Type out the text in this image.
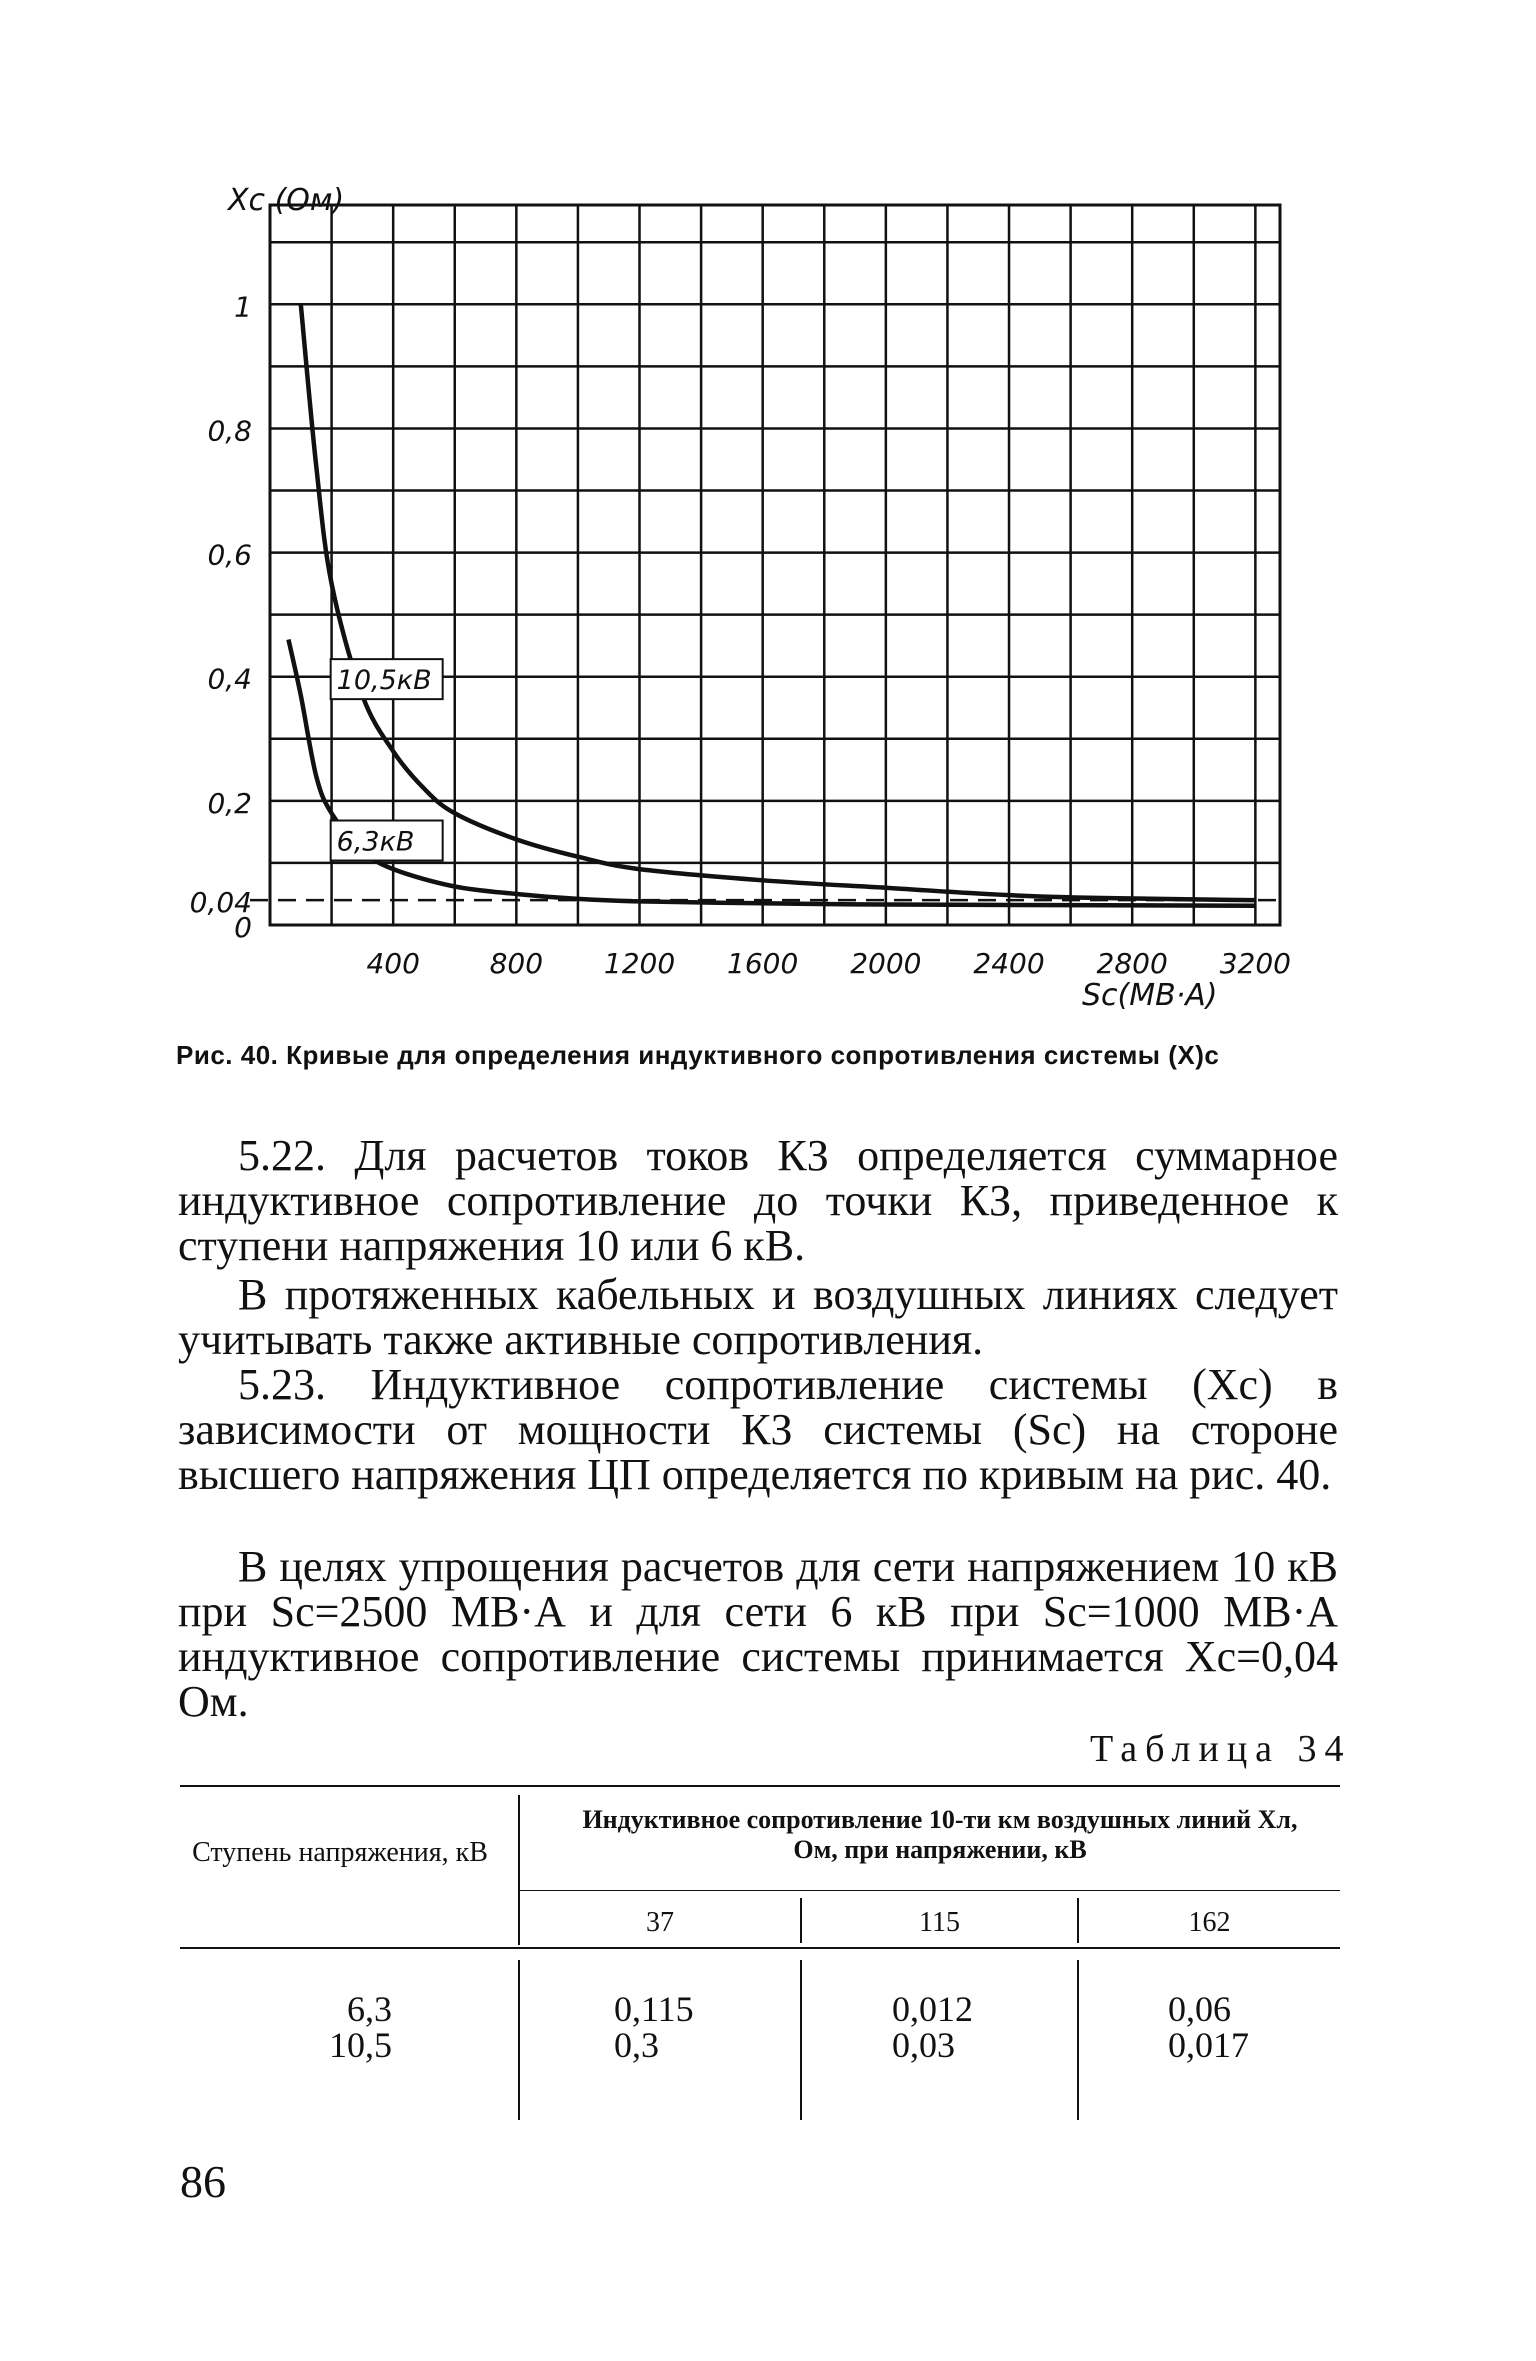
1
0,8
0,6
0,4
0,2
0,04
0
400 800 1200 1600 2000 2400 2800 3200
Xc (Ом)
Sc(МВ·А)
10,5кВ
6,3кВ
Рис. 40. Кривые для определения индуктивного сопротивления системы (X)с

5.22. Для расчетов токов КЗ определяется суммарное индуктивное сопротивление до точки КЗ, приведенное к ступени напряжения 10 или 6 кВ.

В протяженных кабельных и воздушных линиях следует учитывать также активные сопротивления.

5.23. Индуктивное сопротивление системы (Xс) в зависимости от мощности КЗ системы (Sс) на стороне высшего напряжения ЦП определяется по кривым на рис. 40.

В целях упрощения расчетов для сети напряжением 10 кВ при Sс=2500 МВ·А и для сети 6 кВ при Sс=1000 МВ·А индуктивное сопротивление системы принимается Xс=0,04 Ом.

Таблица 34
Ступень напряжения, кВ
Индуктивное сопротивление 10-ти км воздушных линий Xл, Ом, при напряжении, кВ
37	115	162
6,3
10,5
0,115
0,3
0,012
0,03
0,06
0,017
86
